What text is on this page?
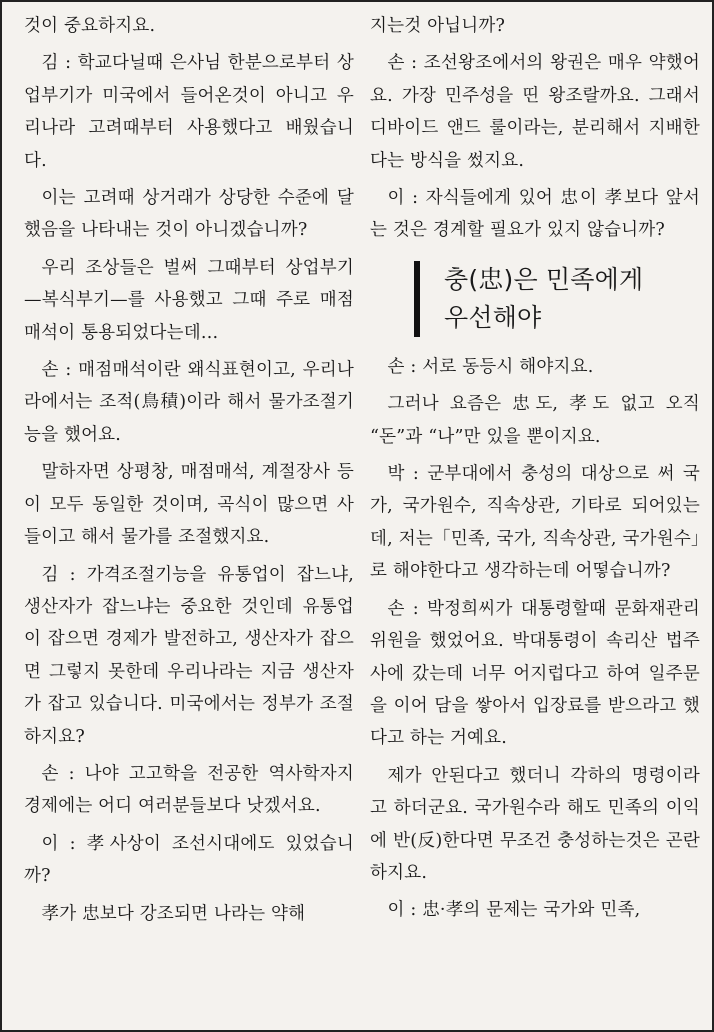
것이 중요하지요.

김 : 학교다닐때 은사님 한분으로부터 상업부기가 미국에서 들어온것이 아니고 우리나라 고려때부터 사용했다고 배웠습니다.

이는 고려때 상거래가 상당한 수준에 달했음을 나타내는 것이 아니겠습니까?

우리 조상들은 벌써 그때부터 상업부기—복식부기—를 사용했고 그때 주로 매점매석이 통용되었다는데…

손 : 매점매석이란 왜식표현이고, 우리나라에서는 조적(鳥積)이라 해서 물가조절기능을 했어요.

말하자면 상평창, 매점매석, 계절장사 등이 모두 동일한 것이며, 곡식이 많으면 사들이고 해서 물가를 조절했지요.

김 : 가격조절기능을 유통업이 잡느냐, 생산자가 잡느냐는 중요한 것인데 유통업이 잡으면 경제가 발전하고, 생산자가 잡으면 그렇지 못한데 우리나라는 지금 생산자가 잡고 있습니다. 미국에서는 정부가 조절하지요?

손 : 나야 고고학을 전공한 역사학자지 경제에는 어디 여러분들보다 낫겠서요.

이 : 孝사상이 조선시대에도 있었습니까?

孝가 忠보다 강조되면 나라는 약해

지는것 아닙니까?

손 : 조선왕조에서의 왕권은 매우 약했어요. 가장 민주성을 띤 왕조랄까요. 그래서 디바이드 앤드 룰이라는, 분리해서 지배한다는 방식을 썼지요.

이 : 자식들에게 있어 忠이 孝보다 앞서는 것은 경계할 필요가 있지 않습니까?

충(忠)은 민족에게
우선해야

손 : 서로 동등시 해야지요.

그러나 요즘은 忠도, 孝도 없고 오직 “돈”과 “나”만 있을 뿐이지요.

박 : 군부대에서 충성의 대상으로 써 국가, 국가원수, 직속상관, 기타로 되어있는데, 저는「민족, 국가, 직속상관, 국가원수」로 해야한다고 생각하는데 어떻습니까?

손 : 박정희씨가 대통령할때 문화재관리위원을 했었어요. 박대통령이 속리산 법주사에 갔는데 너무 어지럽다고 하여 일주문을 이어 담을 쌓아서 입장료를 받으라고 했다고 하는 거예요.

제가 안된다고 했더니 각하의 명령이라고 하더군요. 국가원수라 해도 민족의 이익에 반(反)한다면 무조건 충성하는것은 곤란하지요.

이 : 忠·孝의 문제는 국가와 민족,
